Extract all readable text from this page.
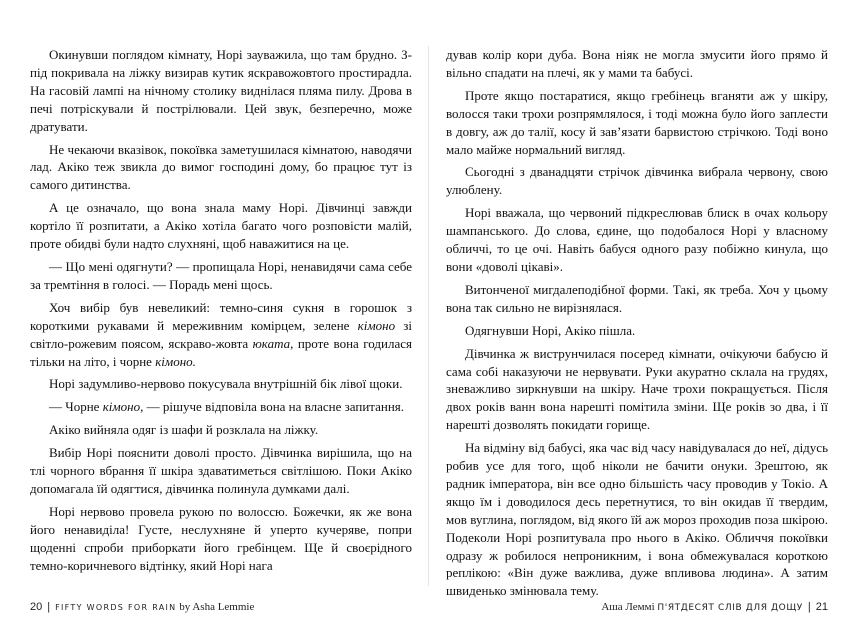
Окинувши поглядом кімнату, Норі зауважила, що там брудно. З-під покривала на ліжку визирав кутик яскравожовтого простирадла. На гасовій лампі на нічному столику виднілася пляма пилу. Дрова в печі потріскували й пострілювали. Цей звук, безперечно, може дратувати.

Не чекаючи вказівок, покоївка заметушилася кімнатою, наводячи лад. Акіко теж звикла до вимог господині дому, бо працює тут із самого дитинства.

А це означало, що вона знала маму Норі. Дівчинці завжди кортіло її розпитати, а Акіко хотіла багато чого розповісти малій, проте обидві були надто слухняні, щоб наважитися на це.

— Що мені одягнути? — пропищала Норі, ненавидячи сама себе за тремтіння в голосі. — Порадь мені щось.

Хоч вибір був невеликий: темно-синя сукня в горошок з короткими рукавами й мереживним комірцем, зелене кімоно зі світло-рожевим поясом, яскраво-жовта юката, проте вона годилася тільки на літо, і чорне кімоно.

Норі задумливо-нервово покусувала внутрішній бік лівої щоки.

— Чорне кімоно, — рішуче відповіла вона на власне запитання.

Акіко вийняла одяг із шафи й розклала на ліжку.

Вибір Норі пояснити доволі просто. Дівчинка вирішила, що на тлі чорного вбрання її шкіра здаватиметься світлішою. Поки Акіко допомагала їй одягтися, дівчинка полинула думками далі.

Норі нервово провела рукою по волоссю. Божечки, як же вона його ненавиділа! Густе, неслухняне й уперто кучеряве, попри щоденні спроби приборкати його гребінцем. Ще й своєрідного темно-коричневого відтінку, який Норі нага

20 | FIFTY WORDS FOR RAIN by Asha Lemmie

дував колір кори дуба. Вона ніяк не могла змусити його прямо й вільно спадати на плечі, як у мами та бабусі.

Проте якщо постаратися, якщо гребінець вганяти аж у шкіру, волосся таки трохи розпрямлялося, і тоді можна було його заплести в довгу, аж до талії, косу й зав’язати барвистою стрічкою. Тоді воно мало майже нормальний вигляд.

Сьогодні з дванадцяти стрічок дівчинка вибрала червону, свою улюблену.

Норі вважала, що червоний підкреслював блиск в очах кольору шампанського. До слова, єдине, що подобалося Норі у власному обличчі, то це очі. Навіть бабуся одного разу побіжно кинула, що вони «доволі цікаві».

Витонченої мигдалеподібної форми. Такі, як треба. Хоч у цьому вона так сильно не вирізнялася.

Одягнувши Норі, Акіко пішла.

Дівчинка ж виструнчилася посеред кімнати, очікуючи бабусю й сама собі наказуючи не нервувати. Руки акуратно склала на грудях, зневажливо зиркнувши на шкіру. Наче трохи покращується. Після двох років ванн вона нарешті помітила зміни. Ще років зо два, і її нарешті дозволять покидати горище.

На відміну від бабусі, яка час від часу навідувалася до неї, дідусь робив усе для того, щоб ніколи не бачити онуки. Зрештою, як радник імператора, він все одно більшість часу проводив у Токіо. А якщо їм і доводилося десь перетнутися, то він окидав її твердим, мов вуглина, поглядом, від якого їй аж мороз проходив поза шкірою. Подекoли Норі розпитувала про нього в Акіко. Обличчя покоївки одразу ж робилося непроникним, і вона обмежувалася короткою реплікою: «Він дуже важлива, дуже впливова людина». А затим швиденько змінювала тему.

Аша Леммі П'ЯТДЕСЯТ СЛІВ ДЛЯ ДОЩУ | 21
